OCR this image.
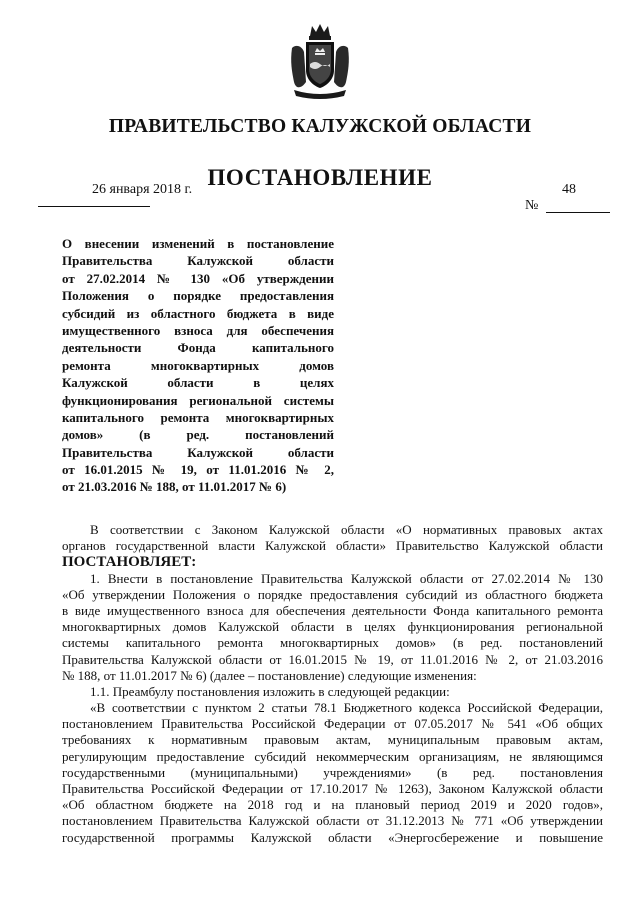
ПРАВИТЕЛЬСТВО КАЛУЖСКОЙ ОБЛАСТИ
ПОСТАНОВЛЕНИЕ
26 января 2018 г.	48
№
О внесении изменений в постановление
Правительства Калужской области
от 27.02.2014 № 130 «Об утверждении
Положения о порядке предоставления
субсидий из областного бюджета в виде
имущественного взноса для обеспечения
деятельности Фонда капитального
ремонта многоквартирных домов
Калужской области в целях
функционирования региональной системы
капитального ремонта многоквартирных
домов» (в ред. постановлений
Правительства Калужской области
от 16.01.2015 № 19, от 11.01.2016 № 2,
от 21.03.2016 № 188, от 11.01.2017 № 6)
В соответствии с Законом Калужской области «О нормативных правовых актах
органов государственной власти Калужской области» Правительство Калужской области
ПОСТАНОВЛЯЕТ:
1. Внести в постановление Правительства Калужской области от 27.02.2014 № 130
«Об утверждении Положения о порядке предоставления субсидий из областного бюджета
в виде имущественного взноса для обеспечения деятельности Фонда капитального ремонта
многоквартирных домов Калужской области в целях функционирования региональной
системы капитального ремонта многоквартирных домов» (в ред. постановлений
Правительства Калужской области от 16.01.2015 № 19, от 11.01.2016 № 2, от 21.03.2016
№ 188, от 11.01.2017 № 6) (далее – постановление) следующие изменения:
1.1. Преамбулу постановления изложить в следующей редакции:
«В соответствии с пунктом 2 статьи 78.1 Бюджетного кодекса Российской Федерации,
постановлением Правительства Российской Федерации от 07.05.2017 № 541 «Об общих
требованиях к нормативным правовым актам, муниципальным правовым актам,
регулирующим предоставление субсидий некоммерческим организациям, не являющимся
государственными (муниципальными) учреждениями» (в ред. постановления
Правительства Российской Федерации от 17.10.2017 № 1263), Законом Калужской области
«Об областном бюджете на 2018 год и на плановый период 2019 и 2020 годов»,
постановлением Правительства Калужской области от 31.12.2013 № 771 «Об утверждении
государственной программы Калужской области «Энергосбережение и повышение
